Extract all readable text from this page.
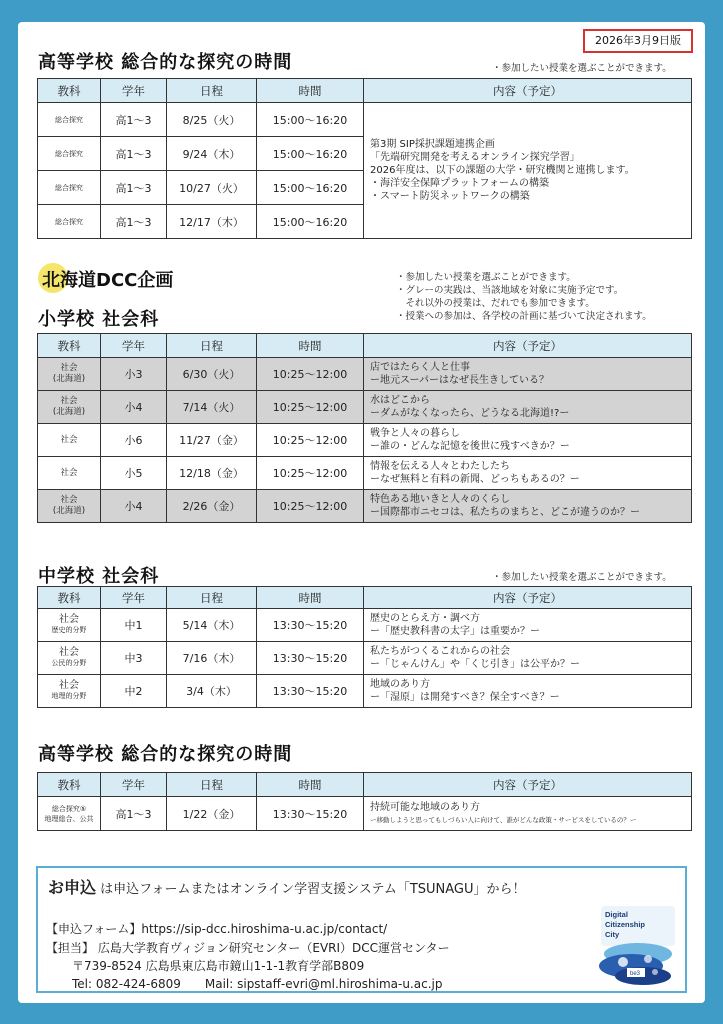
2026年3月9日版
高等学校 総合的な探究の時間	・参加したい授業を選ぶことができます。
教科	学年	日程	時間	内容（予定）
総合探究	高1〜3	8/25（火）	15:00〜16:20	第3期 SIP採択課題連携企画
「先端研究開発を考えるオンライン探究学習」
2026年度は、以下の課題の大学・研究機関と連携します。
・海洋安全保障プラットフォームの構築
・スマート防災ネットワークの構築

総合探究	高1〜3	9/24（木）	15:00〜16:20	
総合探究	高1〜3	10/27（火）	15:00〜16:20	
総合探究	高1〜3	12/17（木）	15:00〜16:20	
北海道DCC企画
小学校 社会科
・参加したい授業を選ぶことができます。
・グレーの実践は、当該地域を対象に実施予定です。
　それ以外の授業は、だれでも参加できます。
・授業への参加は、各学校の計画に基づいて決定されます。
教科	学年	日程	時間	内容（予定）

社会
(北海道)	小3	6/30（火）	10:25〜12:00	店ではたらく人と仕事
ー地元スーパーはなぜ長生きしている？

社会
(北海道)	小4	7/14（火）	10:25〜12:00	水はどこから
ーダムがなくなったら、どうなる北海道!?ー

社会	小6	11/27（金）	10:25〜12:00	戦争と人々の暮らし
ー誰の・どんな記憶を後世に残すべきか？ー

社会	小5	12/18（金）	10:25〜12:00	情報を伝える人々とわたしたち
ーなぜ無料と有料の新聞、どっちもあるの？ー

社会
(北海道)	小4	2/26（金）	10:25〜12:00	特色ある地いきと人々のくらし
ー国際都市ニセコは、私たちのまちと、どこが違うのか？ー
中学校 社会科	・参加したい授業を選ぶことができます。
教科	学年	日程	時間	内容（予定）

社会
歴史的分野	中1	5/14（木）	13:30〜15:20	歴史のとらえ方・調べ方
ー「歴史教科書の太字」は重要か？ー

社会
公民的分野	中3	7/16（木）	13:30〜15:20	私たちがつくるこれからの社会
ー「じゃんけん」や「くじ引き」は公平か？ー

社会
地理的分野	中2	3/4（木）	13:30〜15:20	地域のあり方
ー「湿原」は開発すべき？保全すべき？ー
高等学校 総合的な探究の時間
教科	学年	日程	時間	内容（予定）

総合探究⑤
地理総合、公共	高1〜3	1/22（金）	13:30〜15:20	持続可能な地域のあり方
ー移動しようと思ってもしづらい人に向けて、誰がどんな政策・サービスをしているの？ー
お申込 は申込フォームまたはオンライン学習支援システム「TSUNAGU」から！
【申込フォーム】https://sip-dcc.hiroshima-u.ac.jp/contact/
【担当】 広島大学教育ヴィジョン研究センター（EVRI）DCC運営センター
〒739-8524 広島県東広島市鏡山1-1-1教育学部B809
Tel: 082-424-6809　　Mail: sipstaff-evri@ml.hiroshima-u.ac.jp
Digital
Citizenship
City
be3
